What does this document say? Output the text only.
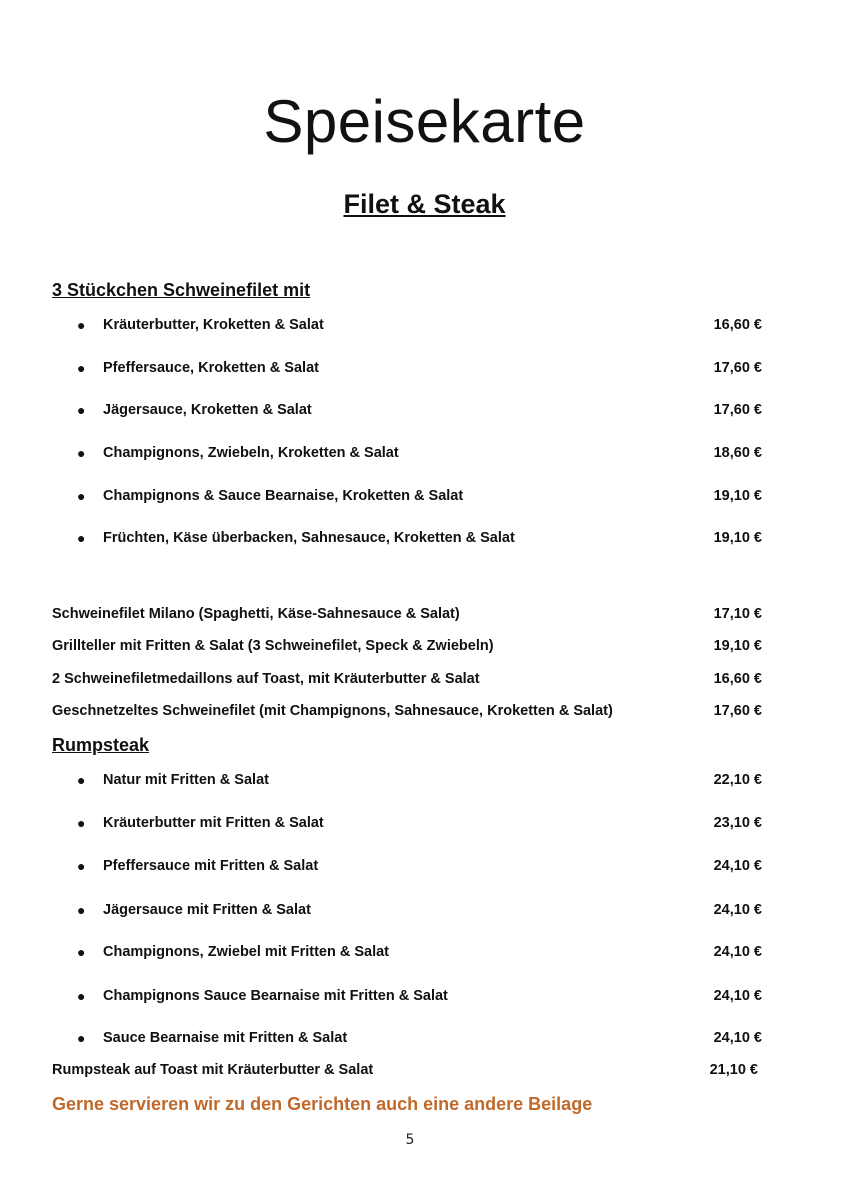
Speisekarte
Filet & Steak
3 Stückchen Schweinefilet mit
● Kräuterbutter, Kroketten & Salat	16,60 €
● Pfeffersauce, Kroketten & Salat	17,60 €
● Jägersauce, Kroketten & Salat	17,60 €
● Champignons, Zwiebeln, Kroketten & Salat	18,60 €
● Champignons & Sauce Bearnaise, Kroketten & Salat	19,10 €
● Früchten, Käse überbacken, Sahnesauce, Kroketten & Salat	19,10 €
Schweinefilet Milano (Spaghetti, Käse-Sahnesauce & Salat)	17,10 €
Grillteller mit Fritten & Salat (3 Schweinefilet, Speck & Zwiebeln)	19,10 €
2 Schweinefiletmedaillons auf Toast, mit Kräuterbutter & Salat	16,60 €
Geschnetzeltes Schweinefilet (mit Champignons, Sahnesauce, Kroketten & Salat)	17,60 €
Rumpsteak
● Natur mit Fritten & Salat	22,10 €
● Kräuterbutter mit Fritten & Salat	23,10 €
● Pfeffersauce mit Fritten & Salat	24,10 €
● Jägersauce mit Fritten & Salat	24,10 €
● Champignons, Zwiebel mit Fritten & Salat	24,10 €
● Champignons Sauce Bearnaise mit Fritten & Salat	24,10 €
● Sauce Bearnaise mit Fritten & Salat	24,10 €
Rumpsteak auf Toast mit Kräuterbutter & Salat	21,10 €
Gerne servieren wir zu den Gerichten auch eine andere Beilage
5
